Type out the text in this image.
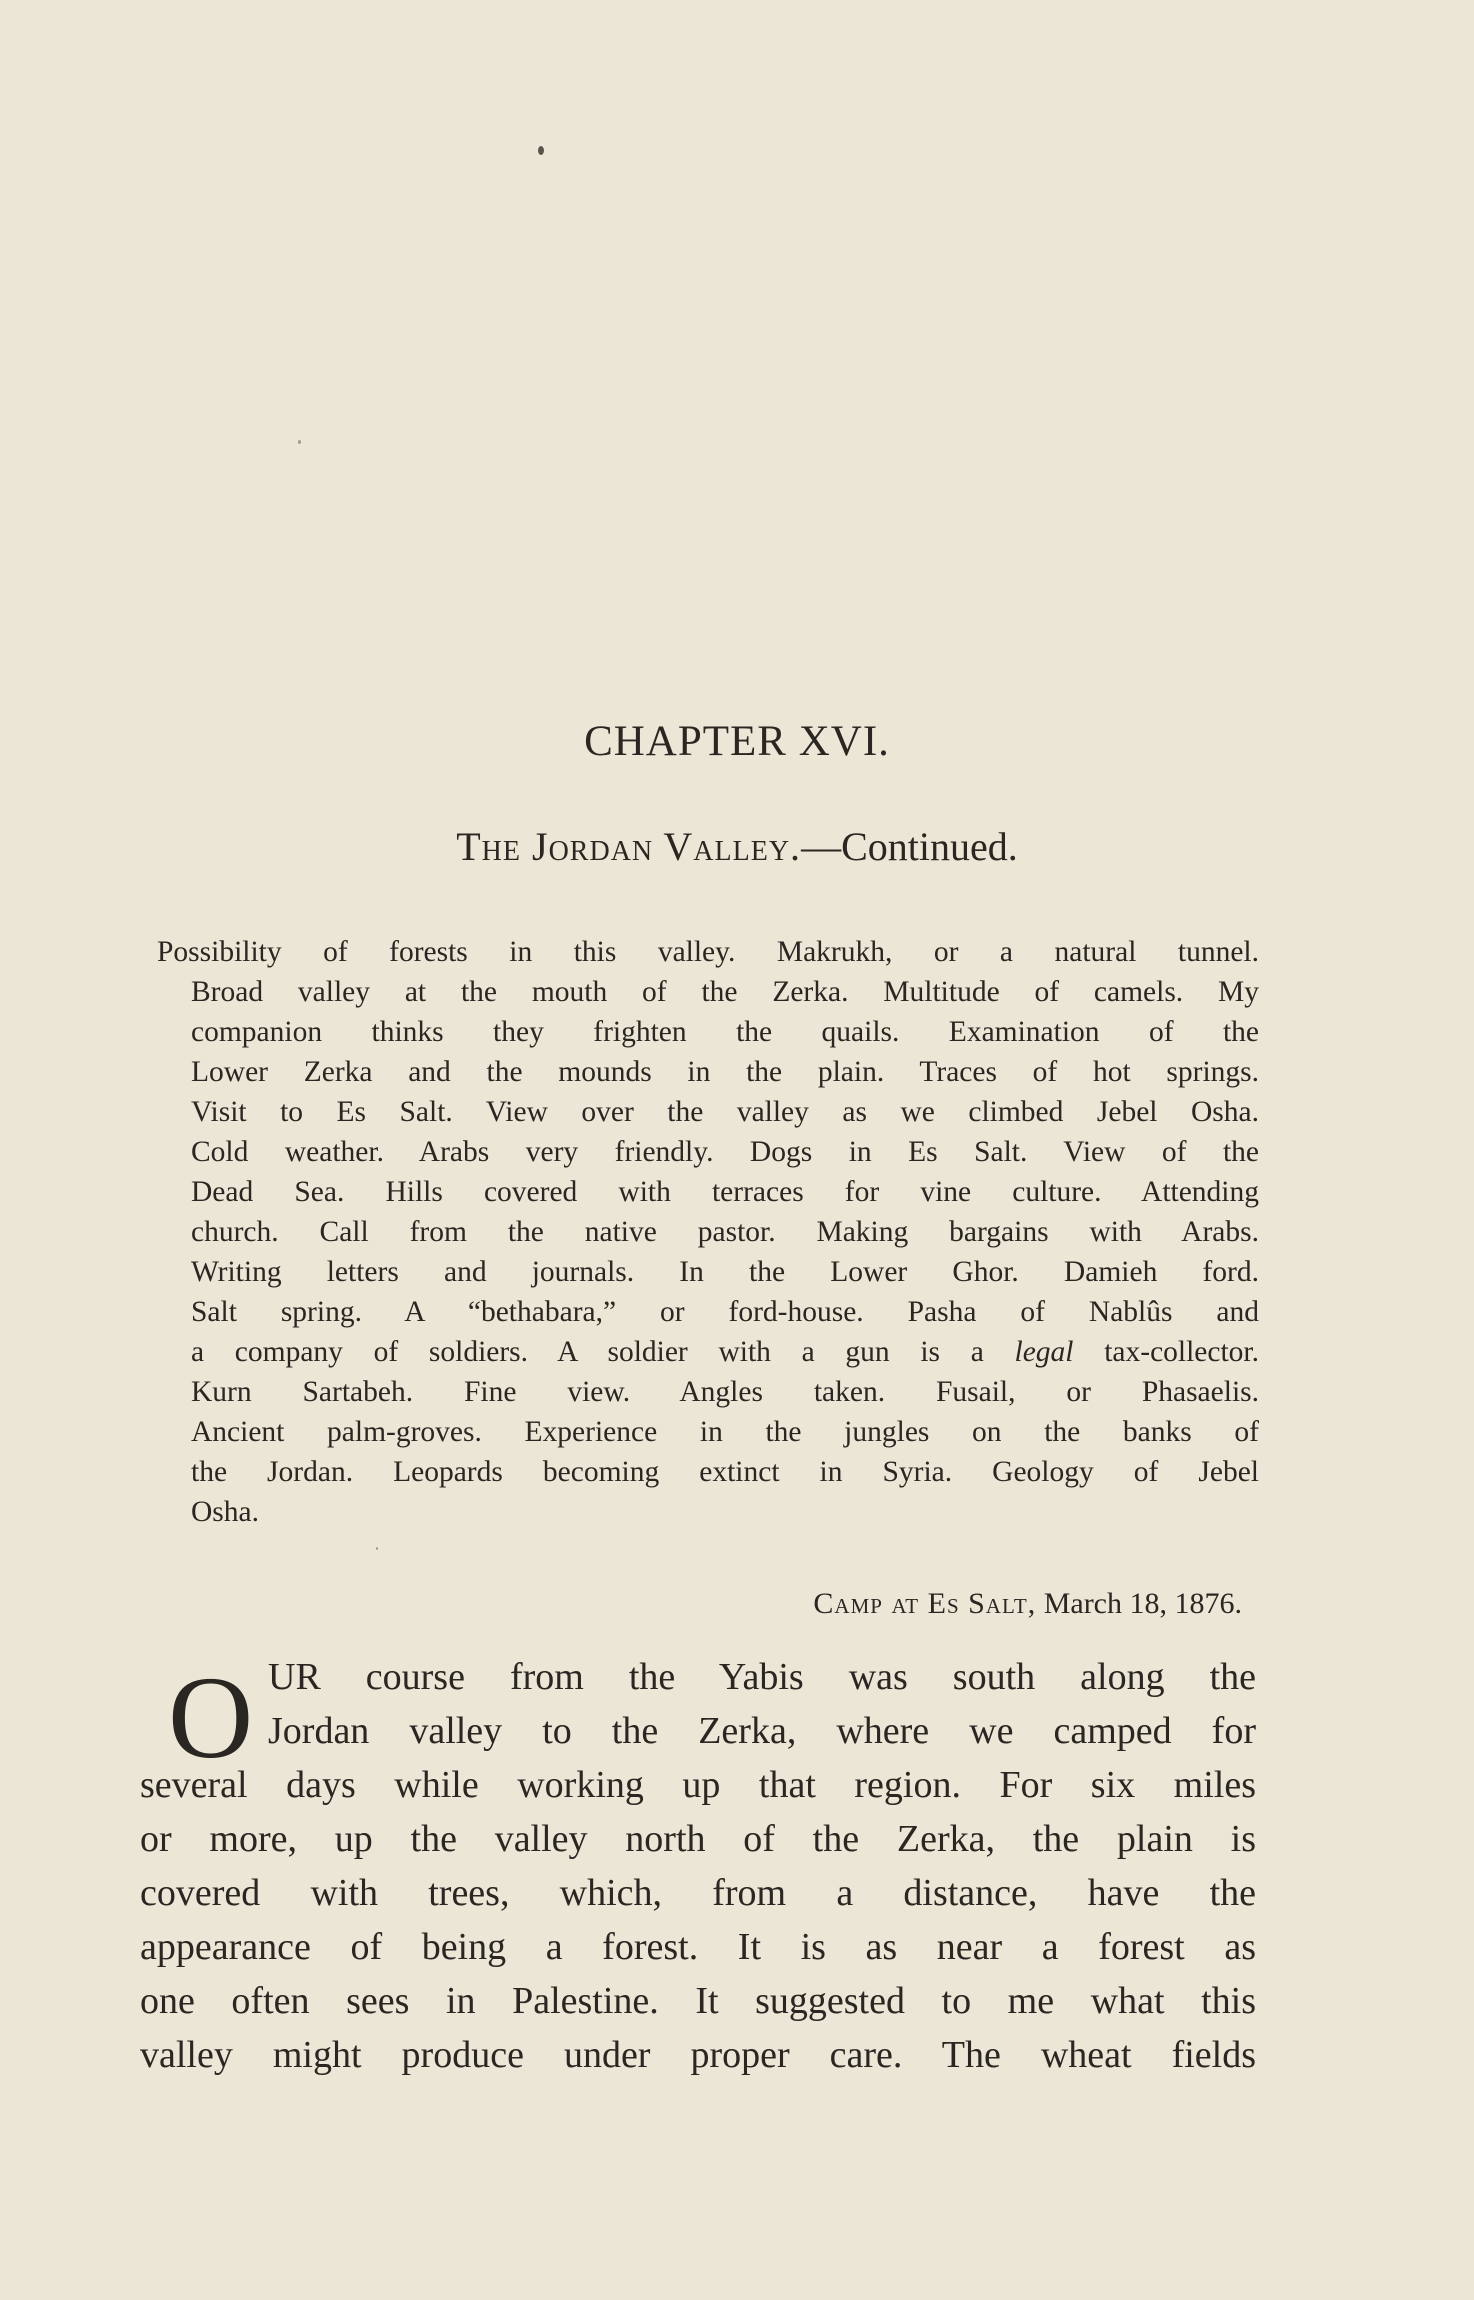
CHAPTER XVI.
The Jordan Valley.—Continued.
Possibility of forests in this valley. Makrukh, or a natural tunnel.
Broad valley at the mouth of the Zerka. Multitude of camels. My
companion thinks they frighten the quails. Examination of the
Lower Zerka and the mounds in the plain. Traces of hot springs.
Visit to Es Salt. View over the valley as we climbed Jebel Osha.
Cold weather. Arabs very friendly. Dogs in Es Salt. View of the
Dead Sea. Hills covered with terraces for vine culture. Attending
church. Call from the native pastor. Making bargains with Arabs.
Writing letters and journals. In the Lower Ghor. Damieh ford.
Salt spring. A “bethabara,” or ford-house. Pasha of Nablûs and
a company of soldiers. A soldier with a gun is a legal tax-collector.
Kurn Sartabeh. Fine view. Angles taken. Fusail, or Phasaelis.
Ancient palm-groves. Experience in the jungles on the banks of
the Jordan. Leopards becoming extinct in Syria. Geology of Jebel
Osha.
Camp at Es Salt, March 18, 1876.
O UR course from the Yabis was south along the
Jordan valley to the Zerka, where we camped for
several days while working up that region. For six miles
or more, up the valley north of the Zerka, the plain is
covered with trees, which, from a distance, have the
appearance of being a forest. It is as near a forest as
one often sees in Palestine. It suggested to me what this
valley might produce under proper care. The wheat fields
